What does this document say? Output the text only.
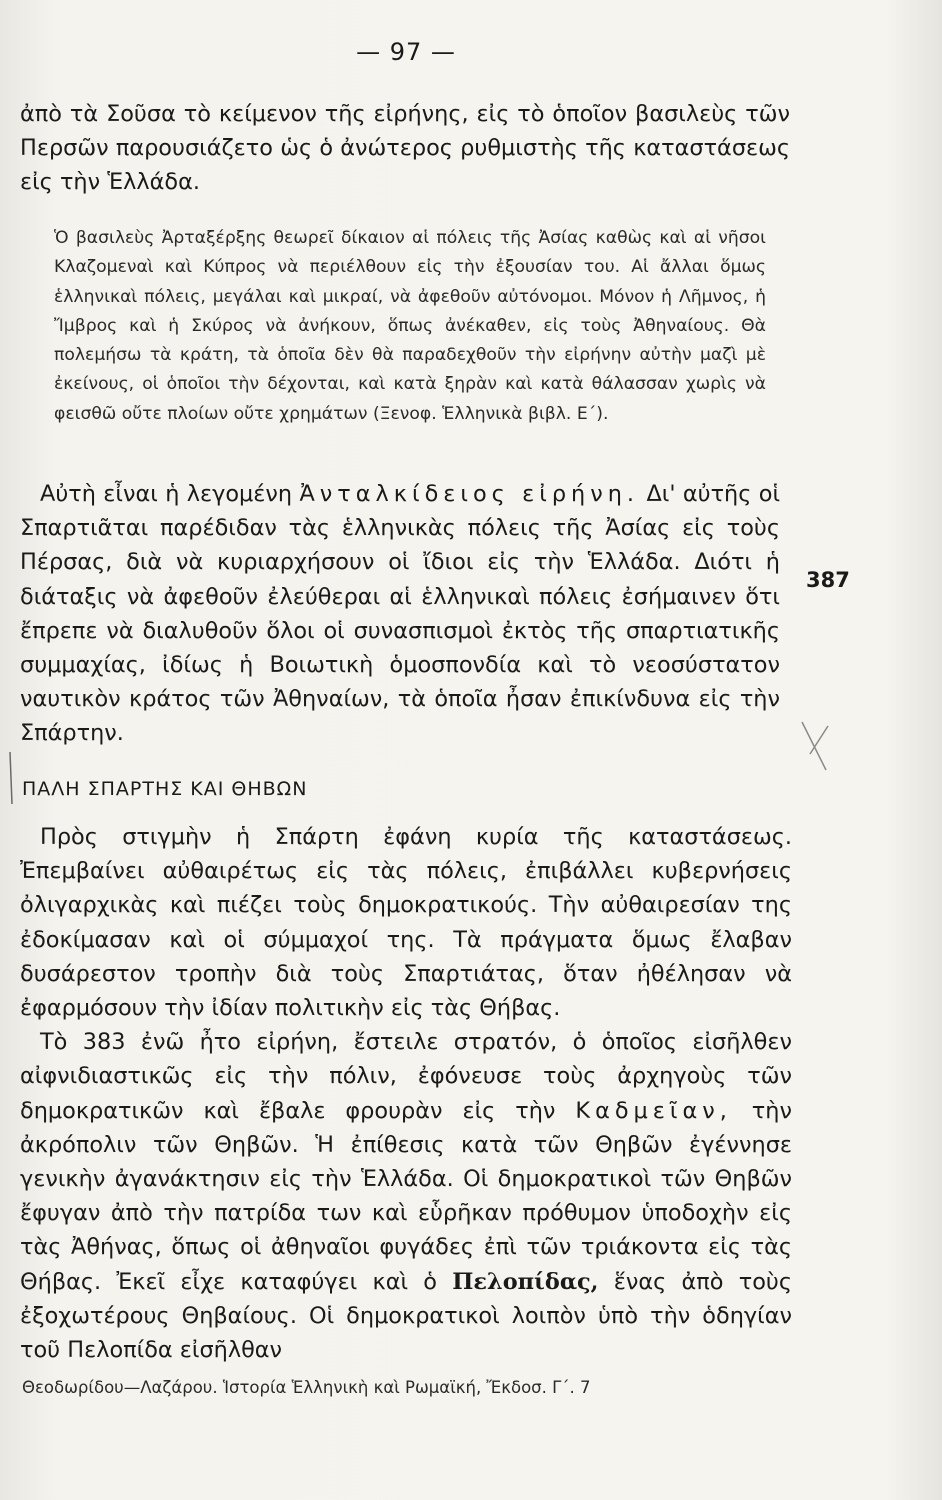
— 97 —
ἀπὸ τὰ Σοῦσα τὸ κείμενον τῆς εἰρήνης, εἰς τὸ ὁποῖον βασιλεὺς τῶν Περσῶν παρουσιάζετο ὡς ὁ ἀνώτερος ρυθμιστὴς τῆς καταστάσεως εἰς τὴν Ἑλλάδα.
Ὁ βασιλεὺς Ἀρταξέρξης θεωρεῖ δίκαιον αἱ πόλεις τῆς Ἀσίας καθὼς καὶ αἱ νῆσοι Κλαζομεναὶ καὶ Κύπρος νὰ περιέλθουν εἰς τὴν ἐξουσίαν του. Αἱ ἄλλαι ὅμως ἑλληνικαὶ πόλεις, μεγάλαι καὶ μικραί, νὰ ἀφεθοῦν αὐτόνομοι. Μόνον ἡ Λῆμνος, ἡ Ἴμβρος καὶ ἡ Σκύρος νὰ ἀνήκουν, ὅπως ἀνέκαθεν, εἰς τοὺς Ἀθηναίους. Θὰ πολεμήσω τὰ κράτη, τὰ ὁποῖα δὲν θὰ παραδεχθοῦν τὴν εἰρήνην αὐτὴν μαζὶ μὲ ἐκείνους, οἱ ὁποῖοι τὴν δέχονται, καὶ κατὰ ξηρὰν καὶ κατὰ θάλασσαν χωρὶς νὰ φεισθῶ οὔτε πλοίων οὔτε χρημάτων (Ξενοφ. Ἑλληνικὰ βιβλ. Ε΄).
Αὐτὴ εἶναι ἡ λεγομένη Ἀνταλκίδειος εἰρήνη. Δι' αὐτῆς οἱ Σπαρτιᾶται παρέδιδαν τὰς ἑλληνικὰς πόλεις τῆς Ἀσίας εἰς τοὺς Πέρσας, διὰ νὰ κυριαρχήσουν οἱ ἴδιοι εἰς τὴν Ἑλλάδα. Διότι ἡ διάταξις νὰ ἀφεθοῦν ἐλεύθεραι αἱ ἑλληνικαὶ πόλεις ἐσήμαινεν ὅτι ἔπρεπε νὰ διαλυθοῦν ὅλοι οἱ συνασπισμοὶ ἐκτὸς τῆς σπαρτιατικῆς συμμαχίας, ἰδίως ἡ Βοιωτικὴ ὁμοσπονδία καὶ τὸ νεοσύστατον ναυτικὸν κράτος τῶν Ἀθηναίων, τὰ ὁποῖα ἦσαν ἐπικίνδυνα εἰς τὴν Σπάρτην.
387
ΠΑΛΗ ΣΠΑΡΤΗΣ ΚΑΙ ΘΗΒΩΝ
Πρὸς στιγμὴν ἡ Σπάρτη ἐφάνη κυρία τῆς καταστάσεως. Ἐπεμβαίνει αὐθαιρέτως εἰς τὰς πόλεις, ἐπιβάλλει κυβερνήσεις ὀλιγαρχικὰς καὶ πιέζει τοὺς δημοκρατικούς. Τὴν αὐθαιρεσίαν της ἐδοκίμασαν καὶ οἱ σύμμαχοί της. Τὰ πράγματα ὅμως ἔλαβαν δυσάρεστον τροπὴν διὰ τοὺς Σπαρτιάτας, ὅταν ἠθέλησαν νὰ ἐφαρμόσουν τὴν ἰδίαν πολιτικὴν εἰς τὰς Θήβας.
Τὸ 383 ἐνῶ ἦτο εἰρήνη, ἔστειλε στρατόν, ὁ ὁποῖος εἰσῆλθεν αἰφνιδιαστικῶς εἰς τὴν πόλιν, ἐφόνευσε τοὺς ἀρχηγοὺς τῶν δημοκρατικῶν καὶ ἔβαλε φρουρὰν εἰς τὴν Καδμεῖαν, τὴν ἀκρόπολιν τῶν Θηβῶν. Ἡ ἐπίθεσις κατὰ τῶν Θηβῶν ἐγέννησε γενικὴν ἀγανάκτησιν εἰς τὴν Ἑλλάδα. Οἱ δημοκρατικοὶ τῶν Θηβῶν ἔφυγαν ἀπὸ τὴν πατρίδα των καὶ εὗρῆκαν πρόθυμον ὑποδοχὴν εἰς τὰς Ἀθήνας, ὅπως οἱ ἀθηναῖοι φυγάδες ἐπὶ τῶν τριάκοντα εἰς τὰς Θήβας. Ἐκεῖ εἶχε καταφύγει καὶ ὁ Πελοπίδας, ἕνας ἀπὸ τοὺς ἐξοχωτέρους Θηβαίους. Οἱ δημοκρατικοὶ λοιπὸν ὑπὸ τὴν ὁδηγίαν τοῦ Πελοπίδα εἰσῆλθαν
Θεοδωρίδου—Λαζάρου. Ἱστορία Ἑλληνικὴ καὶ Ρωμαϊκή, Ἔκδοσ. Γ΄. 7
